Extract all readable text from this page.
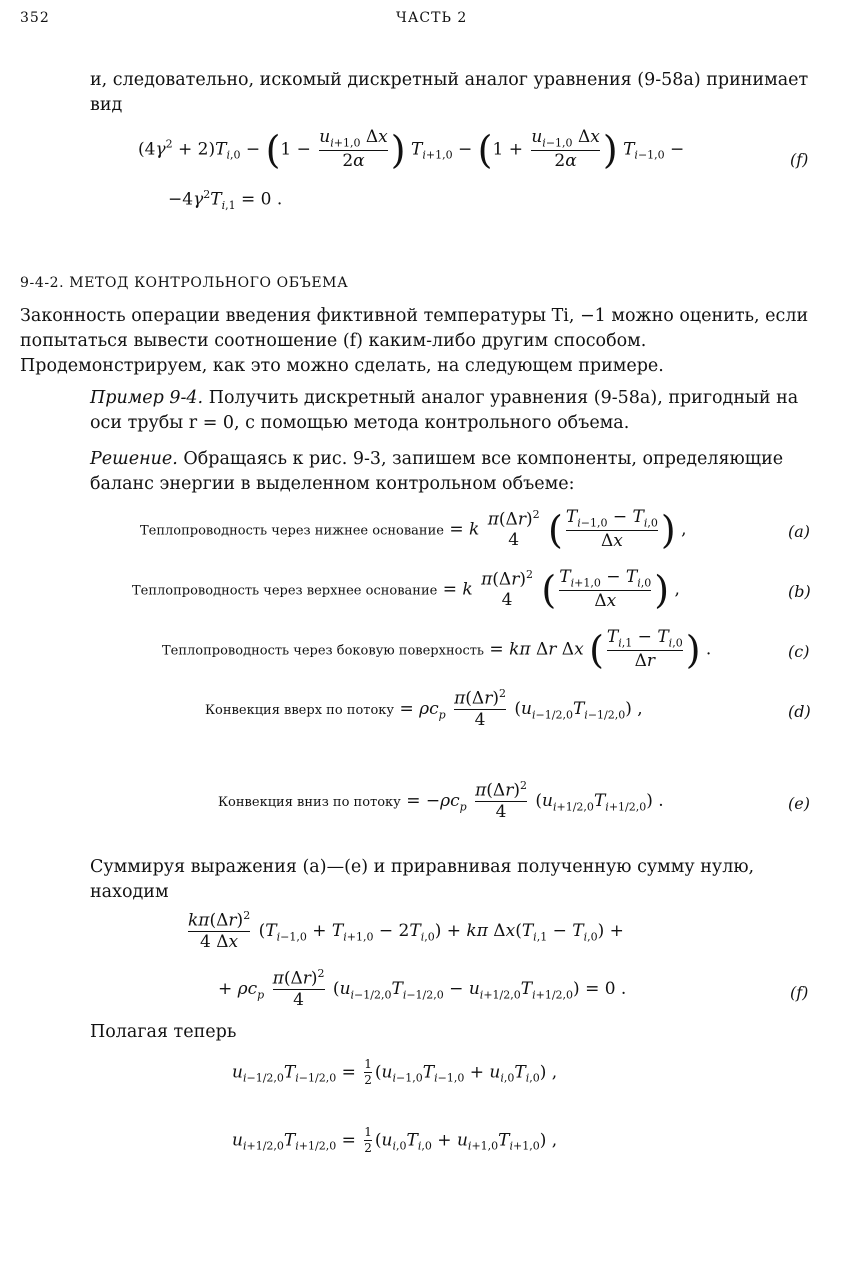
352	ЧАСТЬ 2

и, следовательно, искомый дискретный аналог уравнения (9-58a) принимает вид

$(4\gamma^2 + 2)T_{i,0} - (1 - \frac{u_{i+1,0} \Delta x}{2\alpha}$ ) $T_{i+1,0} - (1 + \frac{u_{i-1,0} \Delta x}{2\alpha}$ ) $T_{i-1,0}$ −
$-4\gamma^2T_{i,1} = 0$ .
(f)
9-4-2. МЕТОД КОНТРОЛЬНОГО ОБЪЕМА

Законность операции введения фиктивной температуры Ti, −1 можно оценить, если попытаться вывести соотношение (f) каким-либо другим способом. Продемонстрируем, как это можно сделать, на следующем примере.

Пример 9-4. Получить дискретный аналог уравнения (9-58a), пригодный на оси трубы r = 0, с помощью метода контрольного объема.

Решение. Обращаясь к рис. 9-3, запишем все компоненты, определяющие баланс энергии в выделенном контрольном объеме:

Теплопроводность через нижнее основание = k $\pi(\Delta r)^2$
4 ( $\frac{T_{i-1,0} - T_{i,0}}{\Delta x}$ ) ,	(a)
Теплопроводность через верхнее основание = k $\pi(\Delta r)^2$
4 ( $\frac{T_{i+1,0} - T_{i,0}}{\Delta x}$ ) ,	(b)
Теплопроводность через боковую поверхность = kπ Δr Δx ( $\frac{T_{i,1} - T_{i,0}}{\Delta r}$ ) .	(c)
Конвекция вверх по потоку = $\rho c_p \frac{\pi(\Delta r)^2}{4} (u_{i-1/2,0}T_{i-1/2,0})$ ,	(d)
Конвекция вниз по потоку = $-\rho c_p \frac{\pi(\Delta r)^2}{4} (u_{i+1/2,0}T_{i+1/2,0})$ .	(e)

Суммируя выражения (a)—(e) и приравнивая полученную сумму нулю, находим

$\frac{k\pi(\Delta r)^2}{4 \Delta x} (T_{i-1,0} + T_{i+1,0} - 2T_{i,0}) + k\pi$ $\Delta x(T_{i,1} - T_{i,0})$ +
+ $\rho c_p \frac{\pi(\Delta r)^2}{4} (u_{i-1/2,0}T_{i-1/2,0} - u_{i+1/2,0}T_{i+1/2,0}) = 0$ .	(f)

Полагая теперь

$u_{i-1/2,0}T_{i-1/2,0} = \frac{1}{2} (u_{i-1,0}T_{i-1,0} + u_{i,0}T_{i,0})$ ,
$u_{i+1/2,0}T_{i+1/2,0} = \frac{1}{2} (u_{i,0}T_{i,0} + u_{i+1,0}T_{i+1,0})$ ,
